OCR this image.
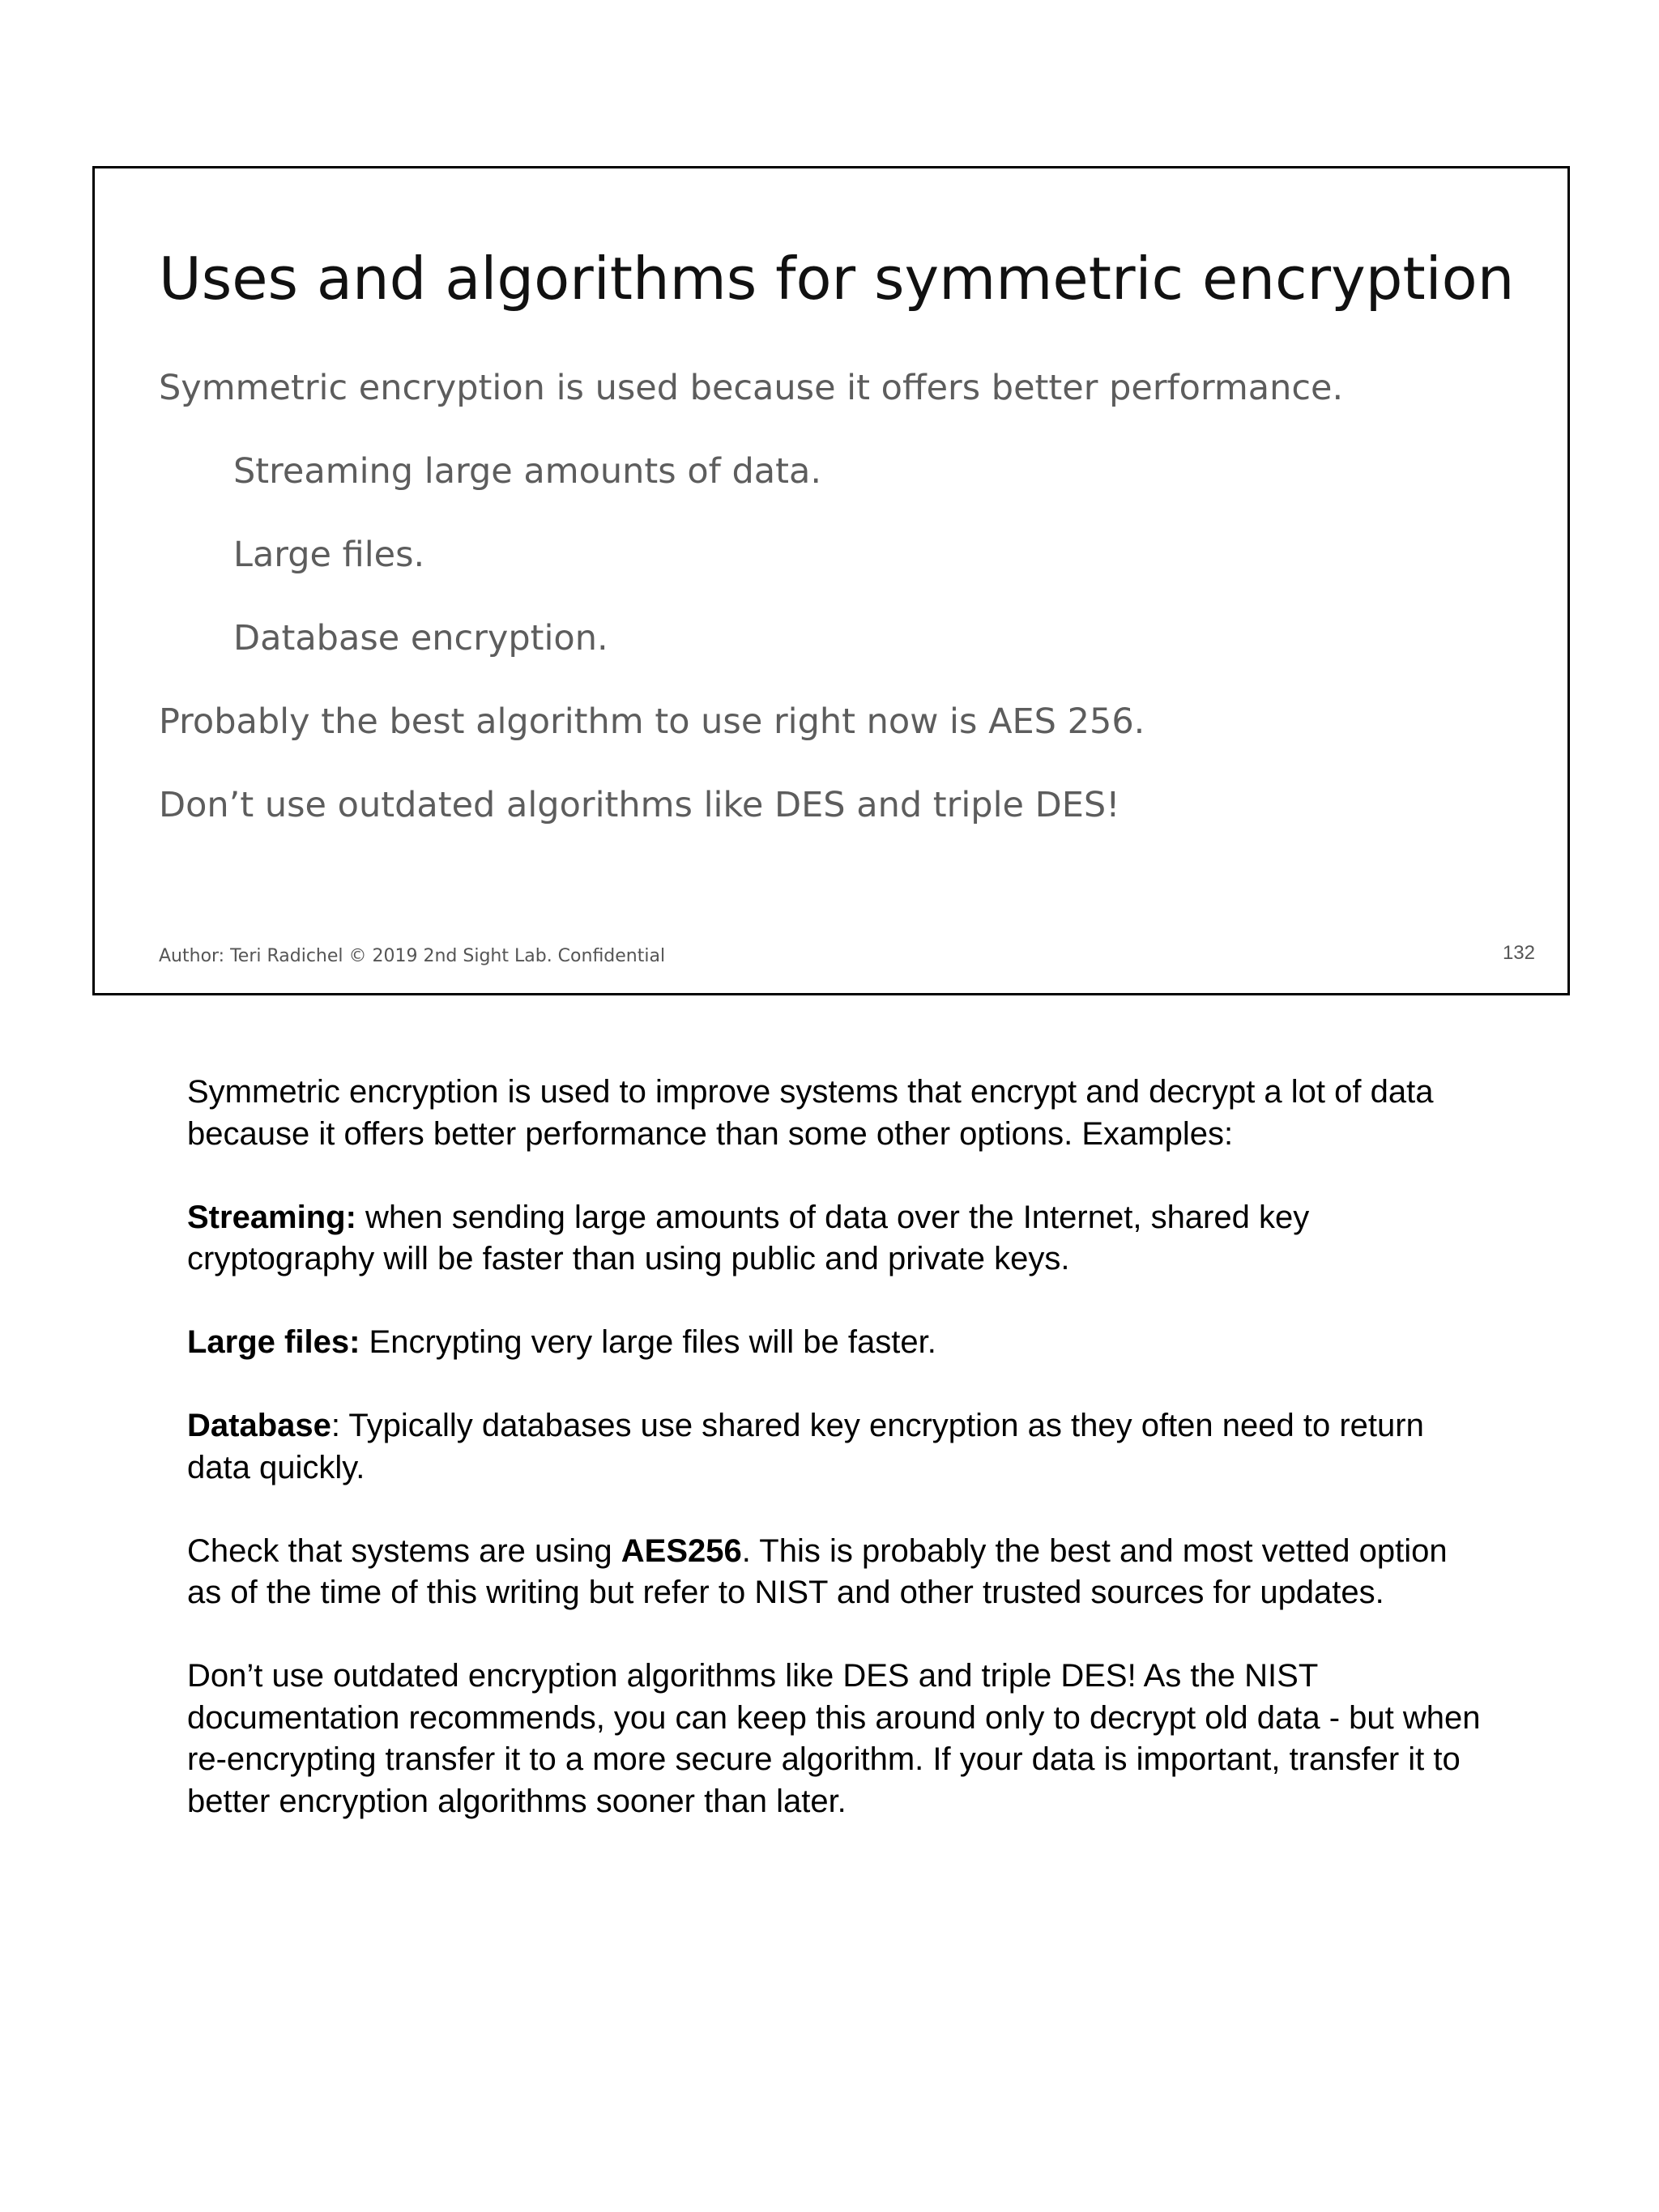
Uses and algorithms for symmetric encryption
Symmetric encryption is used because it offers better performance.
Streaming large amounts of data.
Large files.
Database encryption.
Probably the best algorithm to use right now is AES 256.
Don’t use outdated algorithms like DES and triple DES!
Author: Teri Radichel © 2019 2nd Sight Lab. Confidential	132

Symmetric encryption is used to improve systems that encrypt and decrypt a lot of data because it offers better performance than some other options. Examples:

Streaming: when sending large amounts of data over the Internet, shared key cryptography will be faster than using public and private keys.

Large files: Encrypting very large files will be faster.

Database: Typically databases use shared key encryption as they often need to return data quickly.

Check that systems are using AES256. This is probably the best and most vetted option as of the time of this writing but refer to NIST and other trusted sources for updates.

Don’t use outdated encryption algorithms like DES and triple DES! As the NIST documentation recommends, you can keep this around only to decrypt old data - but when re-encrypting transfer it to a more secure algorithm. If your data is important, transfer it to better encryption algorithms sooner than later.
